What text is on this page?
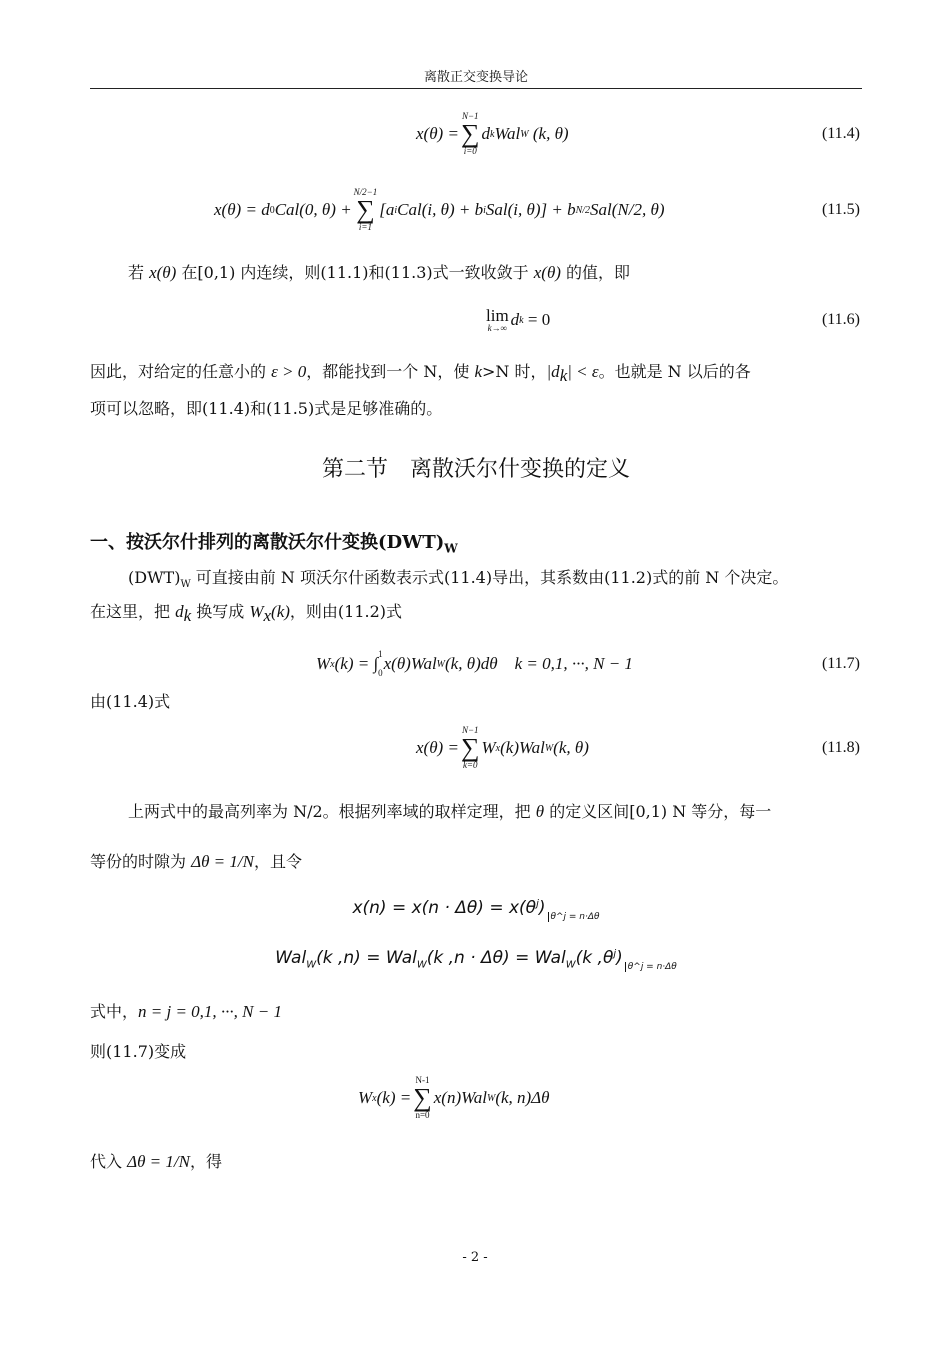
离散正交变换导论
x(θ) =
N−1
∑
i=0
d k Wal W
(k, θ)	(11.4)
x(θ) = d 0 Cal(0, θ) +
N/2−1
∑
i=1
[a i Cal(i, θ) + b i Sal(i, θ)] + b N/2 Sal(N/2, θ)	(11.5)
若 x(θ) 在[0,1) 内连续，则(11.1)和(11.3)式一致收敛于 x(θ) 的值，即
lim
k→∞ d k
= 0	(11.6)
因此，对给定的任意小的 ε > 0，都能找到一个 N，使 k>N 时，|dk| < ε。也就是 N 以后的各
项可以忽略，即(11.4)和(11.5)式是足够准确的。
第二节　离散沃尔什变换的定义
一、按沃尔什排列的离散沃尔什变换$(DWT)_W$
$(DWT)_W$ 可直接由前 N 项沃尔什函数表示式(11.4)导出，其系数由(11.2)式的前 N 个决定。
在这里，把 dk 换写成 Wx(k)，则由(11.2)式
W x (k) = ∫ 1
0 x(θ)Wal W (k, θ)dθ
k = 0,1, ···, N − 1	(11.7)
由(11.4)式
x(θ) =
N−1
∑
k=0
W x (k)Wal W (k, θ)	(11.8)
上两式中的最高列率为 N/2。根据列率域的取样定理，把 θ 的定义区间[0,1) N 等分，每一
等份的时隙为 Δθ = 1/N，且令
$x(n) = x(n \cdot \Delta\theta) = x(\theta^j)$ $_{\theta\^{}j = n\cdot\Delta\theta}$
Wal$_W$(k ,n) = Wal$_W$(k ,n · Δθ) = Wal$_W$(k $,\theta^j$) $_{\theta\^{}j = n\cdot\Delta\theta}$
式中，n = j = 0,1, ···, N − 1
则(11.7)变成
W x (k) =
N-1
∑
n=0
x(n)Wal W (k, n)Δθ
代入 Δθ = 1/N，得
- 2 -
